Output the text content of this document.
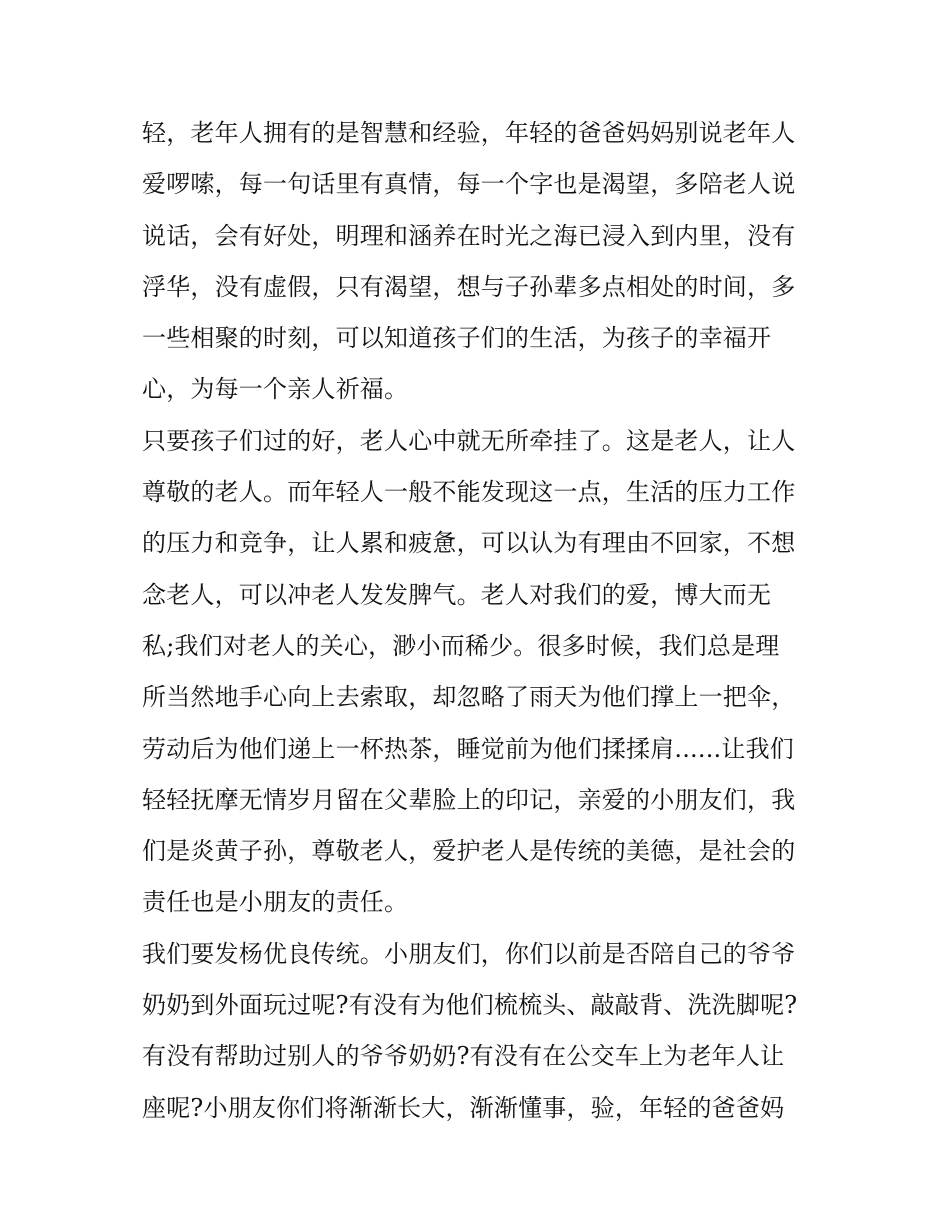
轻，老年人拥有的是智慧和经验，年轻的爸爸妈妈别说老年人
爱啰嗦，每一句话里有真情，每一个字也是渴望，多陪老人说
说话，会有好处，明理和涵养在时光之海已浸入到内里，没有
浮华，没有虚假，只有渴望，想与子孙辈多点相处的时间，多
一些相聚的时刻，可以知道孩子们的生活，为孩子的幸福开
心，为每一个亲人祈福。
只要孩子们过的好，老人心中就无所牵挂了。这是老人，让人
尊敬的老人。而年轻人一般不能发现这一点，生活的压力工作
的压力和竞争，让人累和疲惫，可以认为有理由不回家，不想
念老人，可以冲老人发发脾气。老人对我们的爱，博大而无
私;我们对老人的关心，渺小而稀少。很多时候，我们总是理
所当然地手心向上去索取，却忽略了雨天为他们撑上一把伞，
劳动后为他们递上一杯热茶，睡觉前为他们揉揉肩......让我们
轻轻抚摩无情岁月留在父辈脸上的印记，亲爱的小朋友们，我
们是炎黄子孙，尊敬老人，爱护老人是传统的美德，是社会的
责任也是小朋友的责任。
我们要发杨优良传统。小朋友们，你们以前是否陪自己的爷爷
奶奶到外面玩过呢?有没有为他们梳梳头、敲敲背、洗洗脚呢?
有没有帮助过别人的爷爷奶奶?有没有在公交车上为老年人让
座呢?小朋友你们将渐渐长大，渐渐懂事，验，年轻的爸爸妈
